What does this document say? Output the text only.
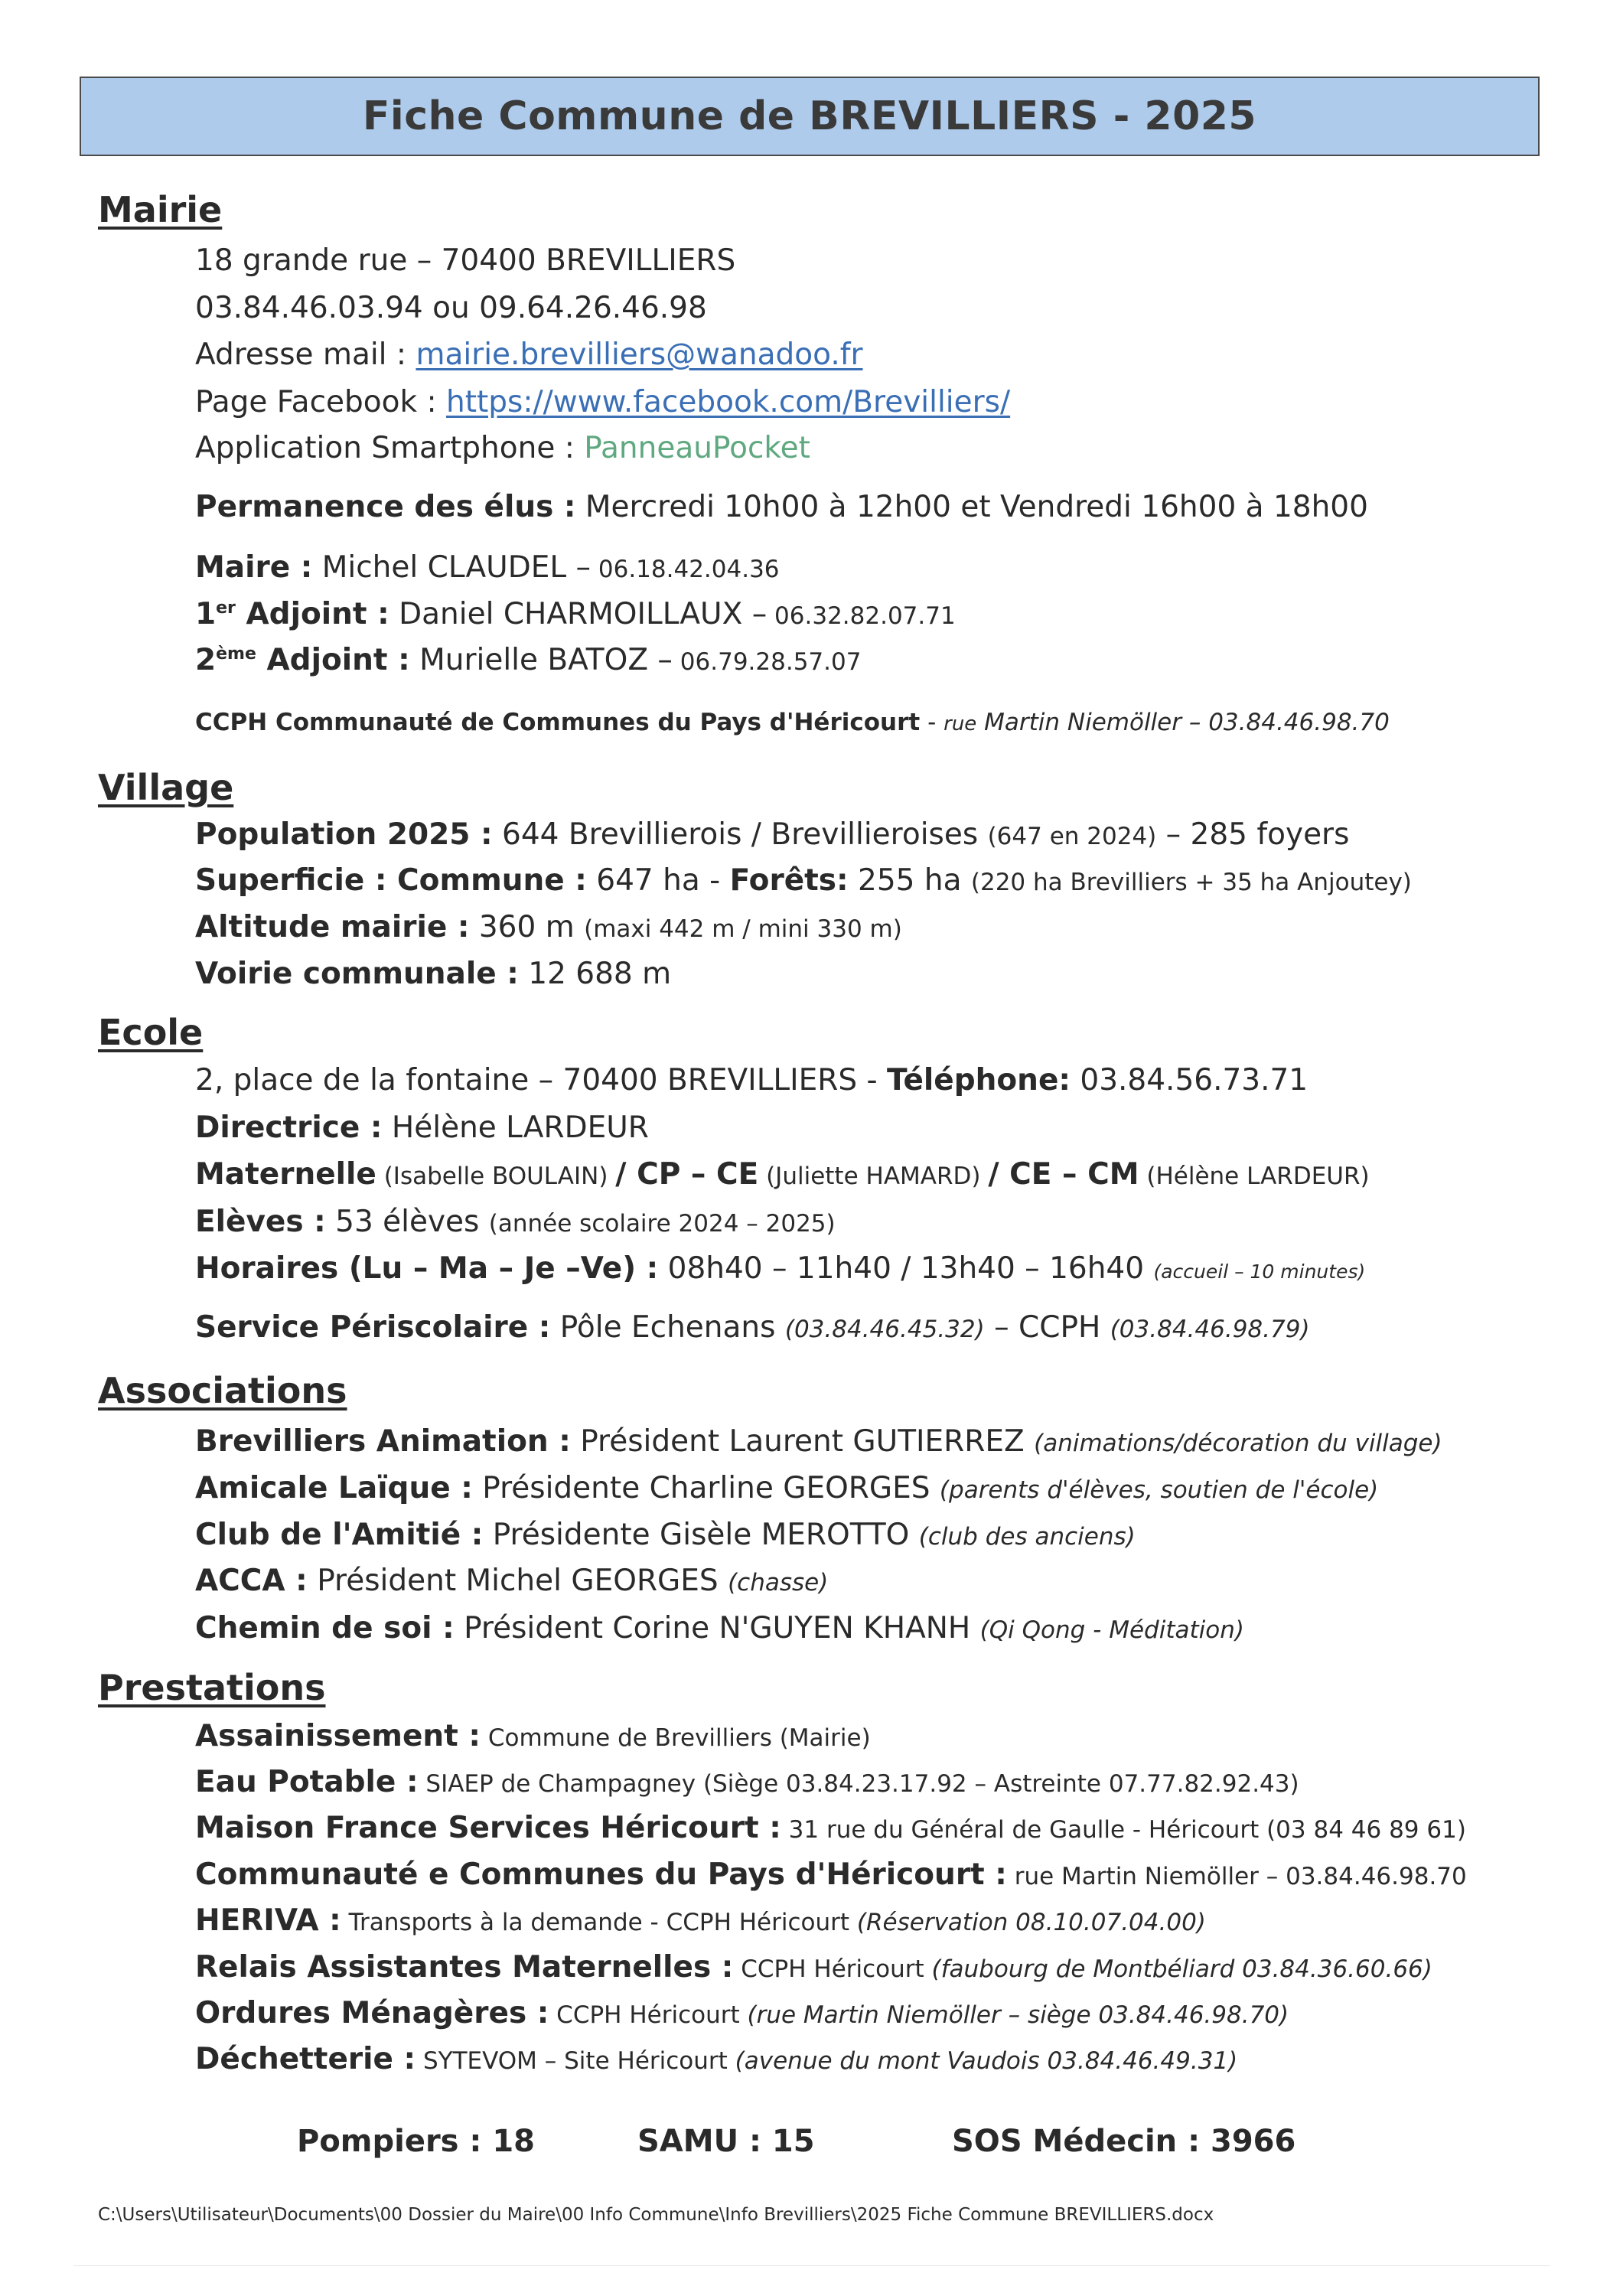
Fiche Commune de BREVILLIERS - 2025
Mairie
18 grande rue – 70400 BREVILLIERS
03.84.46.03.94 ou 09.64.26.46.98
Adresse mail : mairie.brevilliers@wanadoo.fr
Page Facebook : https://www.facebook.com/Brevilliers/
Application Smartphone : PanneauPocket
Permanence des élus : Mercredi 10h00 à 12h00 et Vendredi 16h00 à 18h00
Maire : Michel CLAUDEL – 06.18.42.04.36
1er Adjoint : Daniel CHARMOILLAUX – 06.32.82.07.71
2ème Adjoint : Murielle BATOZ – 06.79.28.57.07
CCPH Communauté de Communes du Pays d'Héricourt - rue Martin Niemöller – 03.84.46.98.70
Village
Population 2025 : 644 Brevillierois / Brevillieroises (647 en 2024) – 285 foyers
Superficie : Commune : 647 ha - Forêts: 255 ha (220 ha Brevilliers + 35 ha Anjoutey)
Altitude mairie : 360 m (maxi 442 m / mini 330 m)
Voirie communale : 12 688 m
Ecole
2, place de la fontaine – 70400 BREVILLIERS - Téléphone: 03.84.56.73.71
Directrice : Hélène LARDEUR
Maternelle (Isabelle BOULAIN) / CP – CE (Juliette HAMARD) / CE – CM (Hélène LARDEUR)
Elèves : 53 élèves (année scolaire 2024 – 2025)
Horaires (Lu – Ma – Je –Ve) : 08h40 – 11h40 / 13h40 – 16h40 (accueil – 10 minutes)
Service Périscolaire : Pôle Echenans (03.84.46.45.32) – CCPH (03.84.46.98.79)
Associations
Brevilliers Animation : Président Laurent GUTIERREZ (animations/décoration du village)
Amicale Laïque : Présidente Charline GEORGES (parents d'élèves, soutien de l'école)
Club de l'Amitié : Présidente Gisèle MEROTTO (club des anciens)
ACCA : Président Michel GEORGES (chasse)
Chemin de soi : Président Corine N'GUYEN KHANH (Qi Qong - Méditation)
Prestations
Assainissement : Commune de Brevilliers (Mairie)
Eau Potable : SIAEP de Champagney (Siège 03.84.23.17.92 – Astreinte 07.77.82.92.43)
Maison France Services Héricourt : 31 rue du Général de Gaulle - Héricourt (03 84 46 89 61)
Communauté e Communes du Pays d'Héricourt : rue Martin Niemöller – 03.84.46.98.70
HERIVA : Transports à la demande - CCPH Héricourt (Réservation 08.10.07.04.00)
Relais Assistantes Maternelles : CCPH Héricourt (faubourg de Montbéliard 03.84.36.60.66)
Ordures Ménagères : CCPH Héricourt (rue Martin Niemöller – siège 03.84.46.98.70)
Déchetterie : SYTEVOM – Site Héricourt (avenue du mont Vaudois 03.84.46.49.31)
Pompiers : 18	SAMU : 15	SOS Médecin : 3966
C:\Users\Utilisateur\Documents\00 Dossier du Maire\00 Info Commune\Info Brevilliers\2025 Fiche Commune BREVILLIERS.docx
